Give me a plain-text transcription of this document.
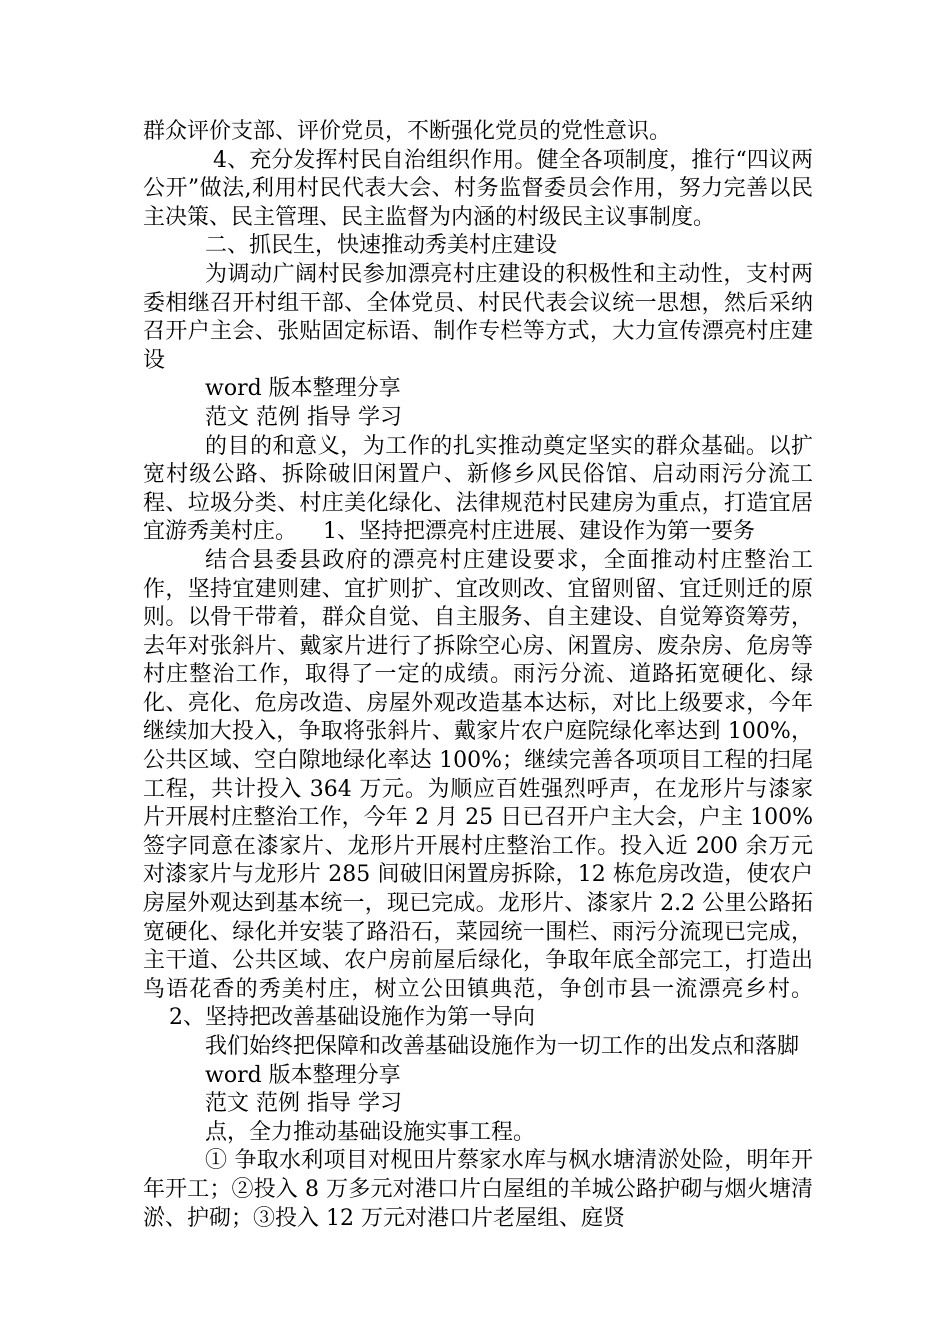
群众评价支部、评价党员，不断强化党员的党性意识。

4、充分发挥村民自治组织作用。健全各项制度，推行“四议两公开”做法,利用村民代表大会、村务监督委员会作用，努力完善以民主决策、民主管理、民主监督为内涵的村级民主议事制度。

二、抓民生，快速推动秀美村庄建设

为调动广阔村民参加漂亮村庄建设的积极性和主动性，支村两委相继召开村组干部、全体党员、村民代表会议统一思想，然后采纳召开户主会、张贴固定标语、制作专栏等方式，大力宣传漂亮村庄建设

word 版本整理分享

范文 范例 指导 学习

的目的和意义，为工作的扎实推动奠定坚实的群众基础。以扩宽村级公路、拆除破旧闲置户、新修乡风民俗馆、启动雨污分流工程、垃圾分类、村庄美化绿化、法律规范村民建房为重点，打造宜居宜游秀美村庄。 1、坚持把漂亮村庄进展、建设作为第一要务

结合县委县政府的漂亮村庄建设要求，全面推动村庄整治工作，坚持宜建则建、宜扩则扩、宜改则改、宜留则留、宜迁则迁的原则。以骨干带着，群众自觉、自主服务、自主建设、自觉筹资筹劳，去年对张斜片、戴家片进行了拆除空心房、闲置房、废杂房、危房等村庄整治工作，取得了一定的成绩。雨污分流、道路拓宽硬化、绿化、亮化、危房改造、房屋外观改造基本达标，对比上级要求，今年继续加大投入，争取将张斜片、戴家片农户庭院绿化率达到 100%，公共区域、空白隙地绿化率达 100%；继续完善各项项目工程的扫尾工程，共计投入 364 万元。为顺应百姓强烈呼声，在龙形片与漆家片开展村庄整治工作，今年 2 月 25 日已召开户主大会，户主 100%签字同意在漆家片、龙形片开展村庄整治工作。投入近 200 余万元对漆家片与龙形片 285 间破旧闲置房拆除，12 栋危房改造，使农户房屋外观达到基本统一，现已完成。龙形片、漆家片 2.2 公里公路拓宽硬化、绿化并安装了路沿石，菜园统一围栏、雨污分流现已完成，主干道、公共区域、农户房前屋后绿化，争取年底全部完工，打造出鸟语花香的秀美村庄，树立公田镇典范，争创市县一流漂亮乡村。2、坚持把改善基础设施作为第一导向

我们始终把保障和改善基础设施作为一切工作的出发点和落脚

word 版本整理分享

范文 范例 指导 学习

点，全力推动基础设施实事工程。

① 争取水利项目对枧田片蔡家水库与枫水塘清淤处险，明年开年开工；②投入 8 万多元对港口片白屋组的羊城公路护砌与烟火塘清淤、护砌；③投入 12 万元对港口片老屋组、庭贤
